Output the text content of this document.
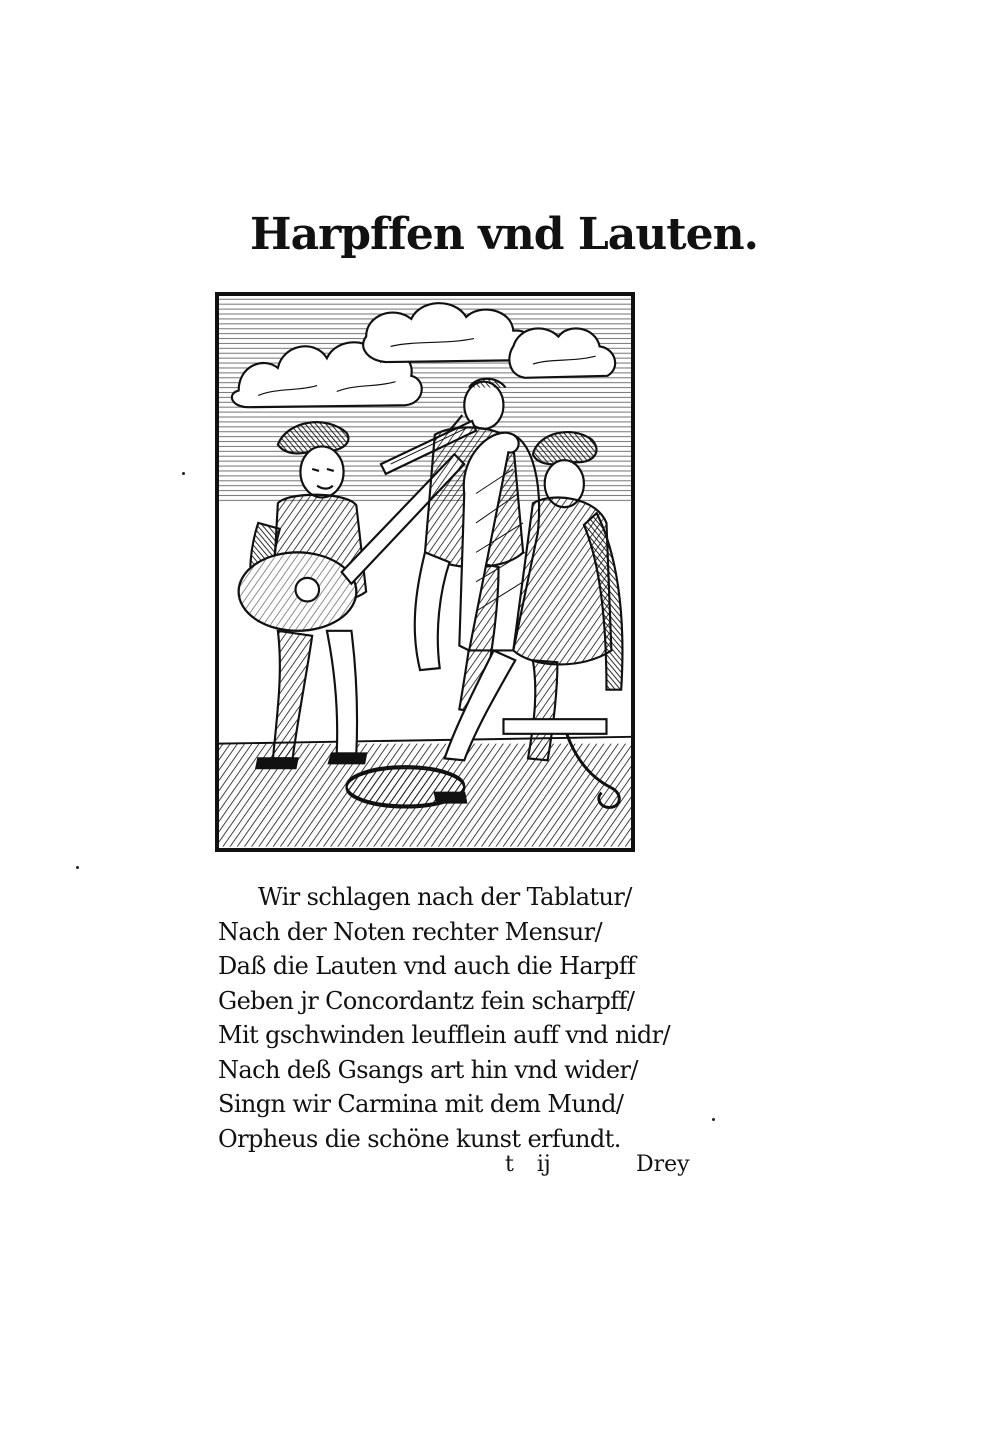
Harpffen vnd Lauten.
Wir schlagen nach der Tablatur/
Nach der Noten rechter Mensur/
Daß die Lauten vnd auch die Harpff
Geben jr Concordantz fein scharpff/
Mit gschwinden leufflein auff vnd nidr/
Nach deß Gsangs art hin vnd wider/
Singn wir Carmina mit dem Mund/
Orpheus die schöne kunst erfundt.
t ij	Drey
